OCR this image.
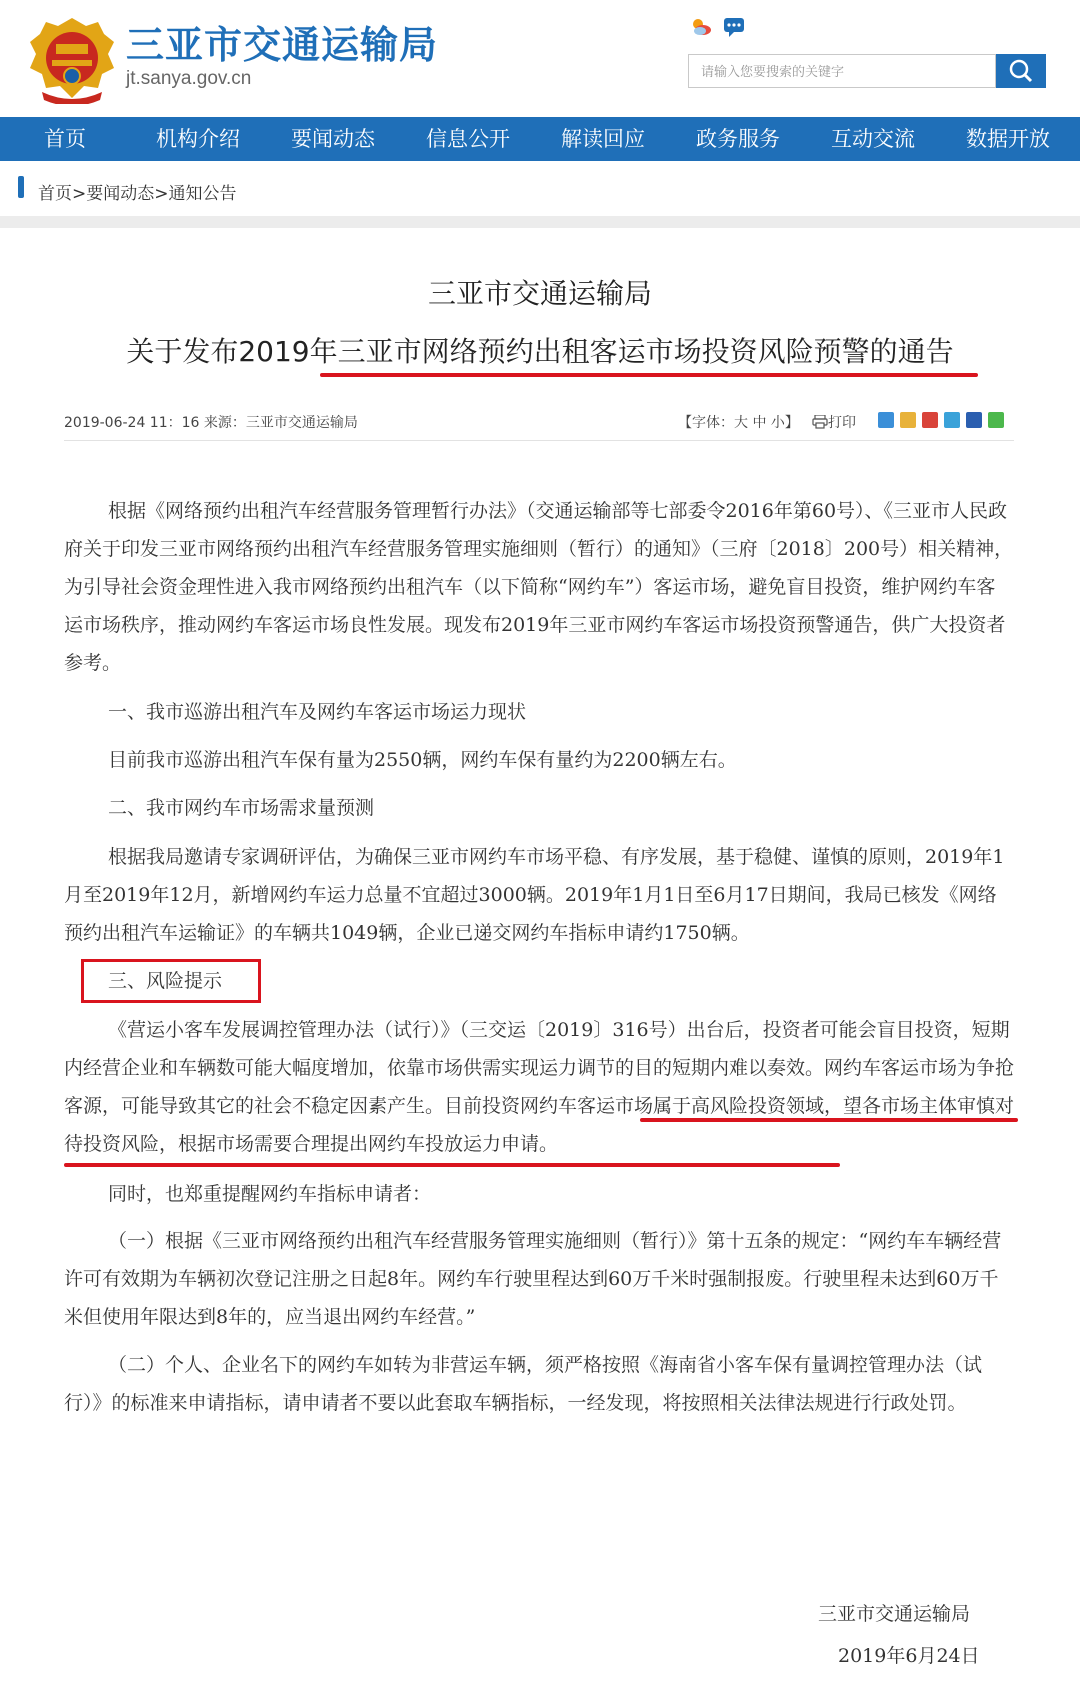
三亚市交通运输局
jt.sanya.gov.cn

请输入您要搜索的关键字
首页	机构介绍 要闻动态 信息公开 解读回应 政务服务 互动交流 数据开放
首页>要闻动态>通知公告
三亚市交通运输局
关于发布2019年三亚市网络预约出租客运市场投资风险预警的通告
2019-06-24 11：16 来源：三亚市交通运输局	【字体：大 中 小】	打印

根据《网络预约出租汽车经营服务管理暂行办法》（交通运输部等七部委令2016年第60号）、《三亚市人民政府关于印发三亚市网络预约出租汽车经营服务管理实施细则（暂行）的通知》（三府〔2018〕200号）相关精神，为引导社会资金理性进入我市网络预约出租汽车（以下简称“网约车”）客运市场，避免盲目投资，维护网约车客运市场秩序，推动网约车客运市场良性发展。现发布2019年三亚市网约车客运市场投资预警通告，供广大投资者参考。

一、我市巡游出租汽车及网约车客运市场运力现状

目前我市巡游出租汽车保有量为2550辆，网约车保有量约为2200辆左右。

二、我市网约车市场需求量预测

根据我局邀请专家调研评估，为确保三亚市网约车市场平稳、有序发展，基于稳健、谨慎的原则，2019年1月至2019年12月，新增网约车运力总量不宜超过3000辆。2019年1月1日至6月17日期间，我局已核发《网络预约出租汽车运输证》的车辆共1049辆，企业已递交网约车指标申请约1750辆。

三、风险提示

《营运小客车发展调控管理办法（试行）》（三交运〔2019〕316号）出台后，投资者可能会盲目投资，短期内经营企业和车辆数可能大幅度增加，依靠市场供需实现运力调节的目的短期内难以奏效。网约车客运市场为争抢客源，可能导致其它的社会不稳定因素产生。目前投资网约车客运市场属于高风险投资领域，望各市场主体审慎对待投资风险，根据市场需要合理提出网约车投放运力申请。

同时，也郑重提醒网约车指标申请者：

（一）根据《三亚市网络预约出租汽车经营服务管理实施细则（暂行）》第十五条的规定：“网约车车辆经营许可有效期为车辆初次登记注册之日起8年。网约车行驶里程达到60万千米时强制报废。行驶里程未达到60万千米但使用年限达到8年的，应当退出网约车经营。”

（二）个人、企业名下的网约车如转为非营运车辆，须严格按照《海南省小客车保有量调控管理办法（试行）》的标准来申请指标，请申请者不要以此套取车辆指标，一经发现，将按照相关法律法规进行行政处罚。

三亚市交通运输局
2019年6月24日
